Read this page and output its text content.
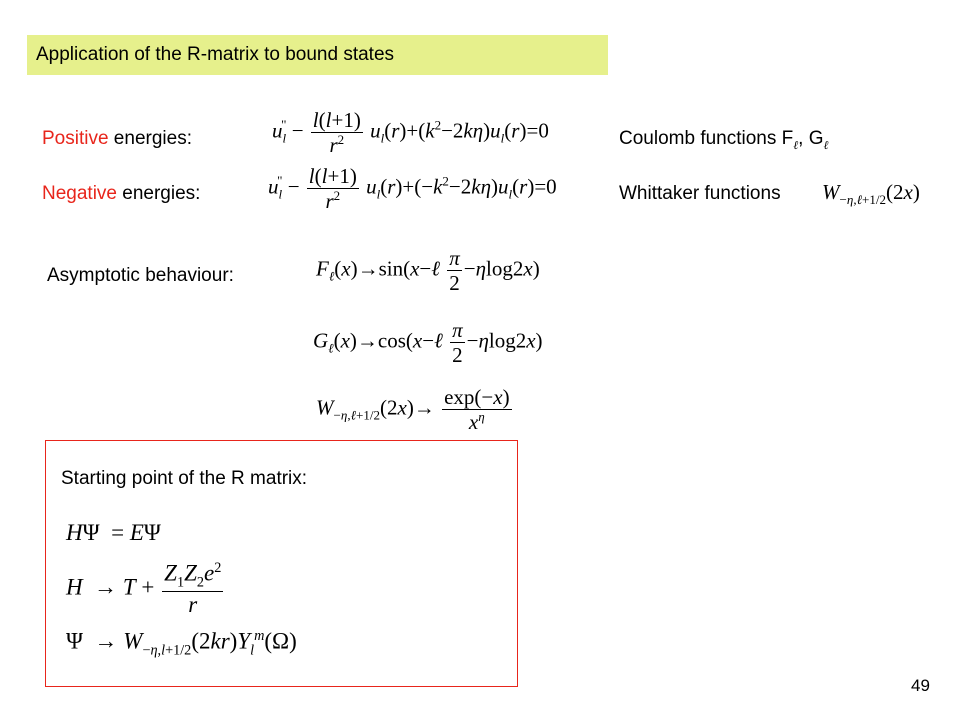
Application of the R-matrix to bound states
Positive energies:	$u_l^" - \frac{l(l+1)}{r^2} u_l(r)+(k^2-2k\eta)u_l(r)=0$	Coulomb functions $F_\ell$, $G_\ell$
Negative energies:	$u_l^" - \frac{l(l+1)}{r^2} u_l(r)+(-k^2-2k\eta)u_l(r)=0$	Whittaker functions $W_{-\eta,\ell+1/2}(2x)$
Asymptotic behaviour:	$F_\ell(x)\to\sin(x-\ell \frac{\pi}{2} -\eta\log 2x)$
$G_\ell(x)\to\cos(x-\ell \frac{\pi}{2} -\eta\log 2x)$
$W_{-\eta,\ell+1/2}(2x)\to \frac{\exp(-x)}{x^\eta}$
Starting point of the R matrix:
HΨ  = EΨ
$H \to T + \frac{Z_1Z_2e^2}{r}$
$\Psi \to W_{-\eta,l+1/2}(2kr)Y_l^m(\Omega)$
49
